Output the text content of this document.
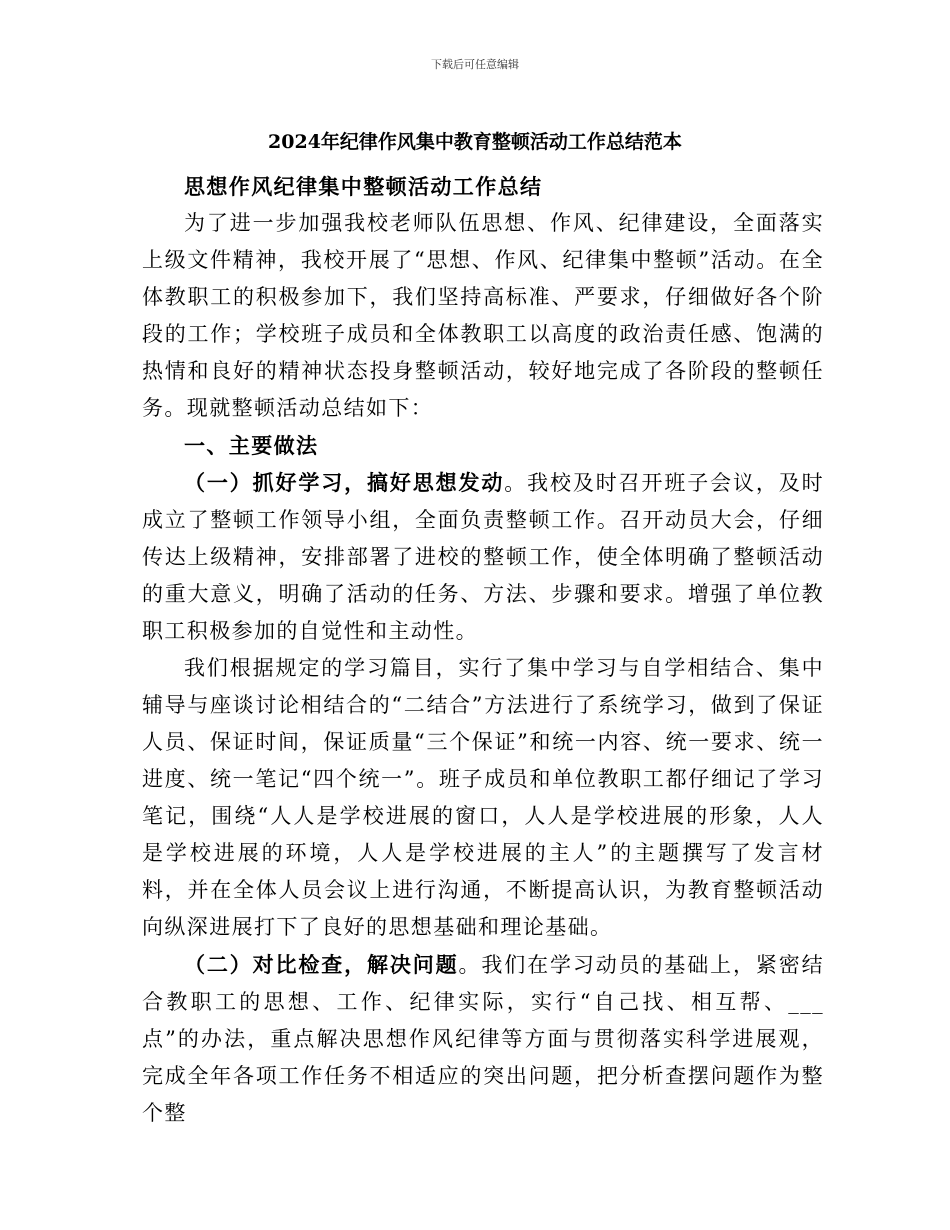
下载后可任意编辑
2024年纪律作风集中教育整顿活动工作总结范本

思想作风纪律集中整顿活动工作总结

为了进一步加强我校老师队伍思想、作风、纪律建设，全面落实上级文件精神，我校开展了“思想、作风、纪律集中整顿”活动。在全体教职工的积极参加下，我们坚持高标准、严要求，仔细做好各个阶段的工作；学校班子成员和全体教职工以高度的政治责任感、饱满的热情和良好的精神状态投身整顿活动，较好地完成了各阶段的整顿任务。现就整顿活动总结如下：

一、主要做法

（一）抓好学习，搞好思想发动。我校及时召开班子会议，及时成立了整顿工作领导小组，全面负责整顿工作。召开动员大会，仔细传达上级精神，安排部署了进校的整顿工作，使全体明确了整顿活动的重大意义，明确了活动的任务、方法、步骤和要求。增强了单位教职工积极参加的自觉性和主动性。

我们根据规定的学习篇目，实行了集中学习与自学相结合、集中辅导与座谈讨论相结合的“二结合”方法进行了系统学习，做到了保证人员、保证时间，保证质量“三个保证”和统一内容、统一要求、统一进度、统一笔记“四个统一”。班子成员和单位教职工都仔细记了学习笔记，围绕“人人是学校进展的窗口，人人是学校进展的形象，人人是学校进展的环境，人人是学校进展的主人”的主题撰写了发言材料，并在全体人员会议上进行沟通，不断提高认识，为教育整顿活动向纵深进展打下了良好的思想基础和理论基础。

（二）对比检查，解决问题。我们在学习动员的基础上，紧密结合教职工的思想、工作、纪律实际，实行“自己找、相互帮、___点”的办法，重点解决思想作风纪律等方面与贯彻落实科学进展观，完成全年各项工作任务不相适应的突出问题，把分析查摆问题作为整个整
